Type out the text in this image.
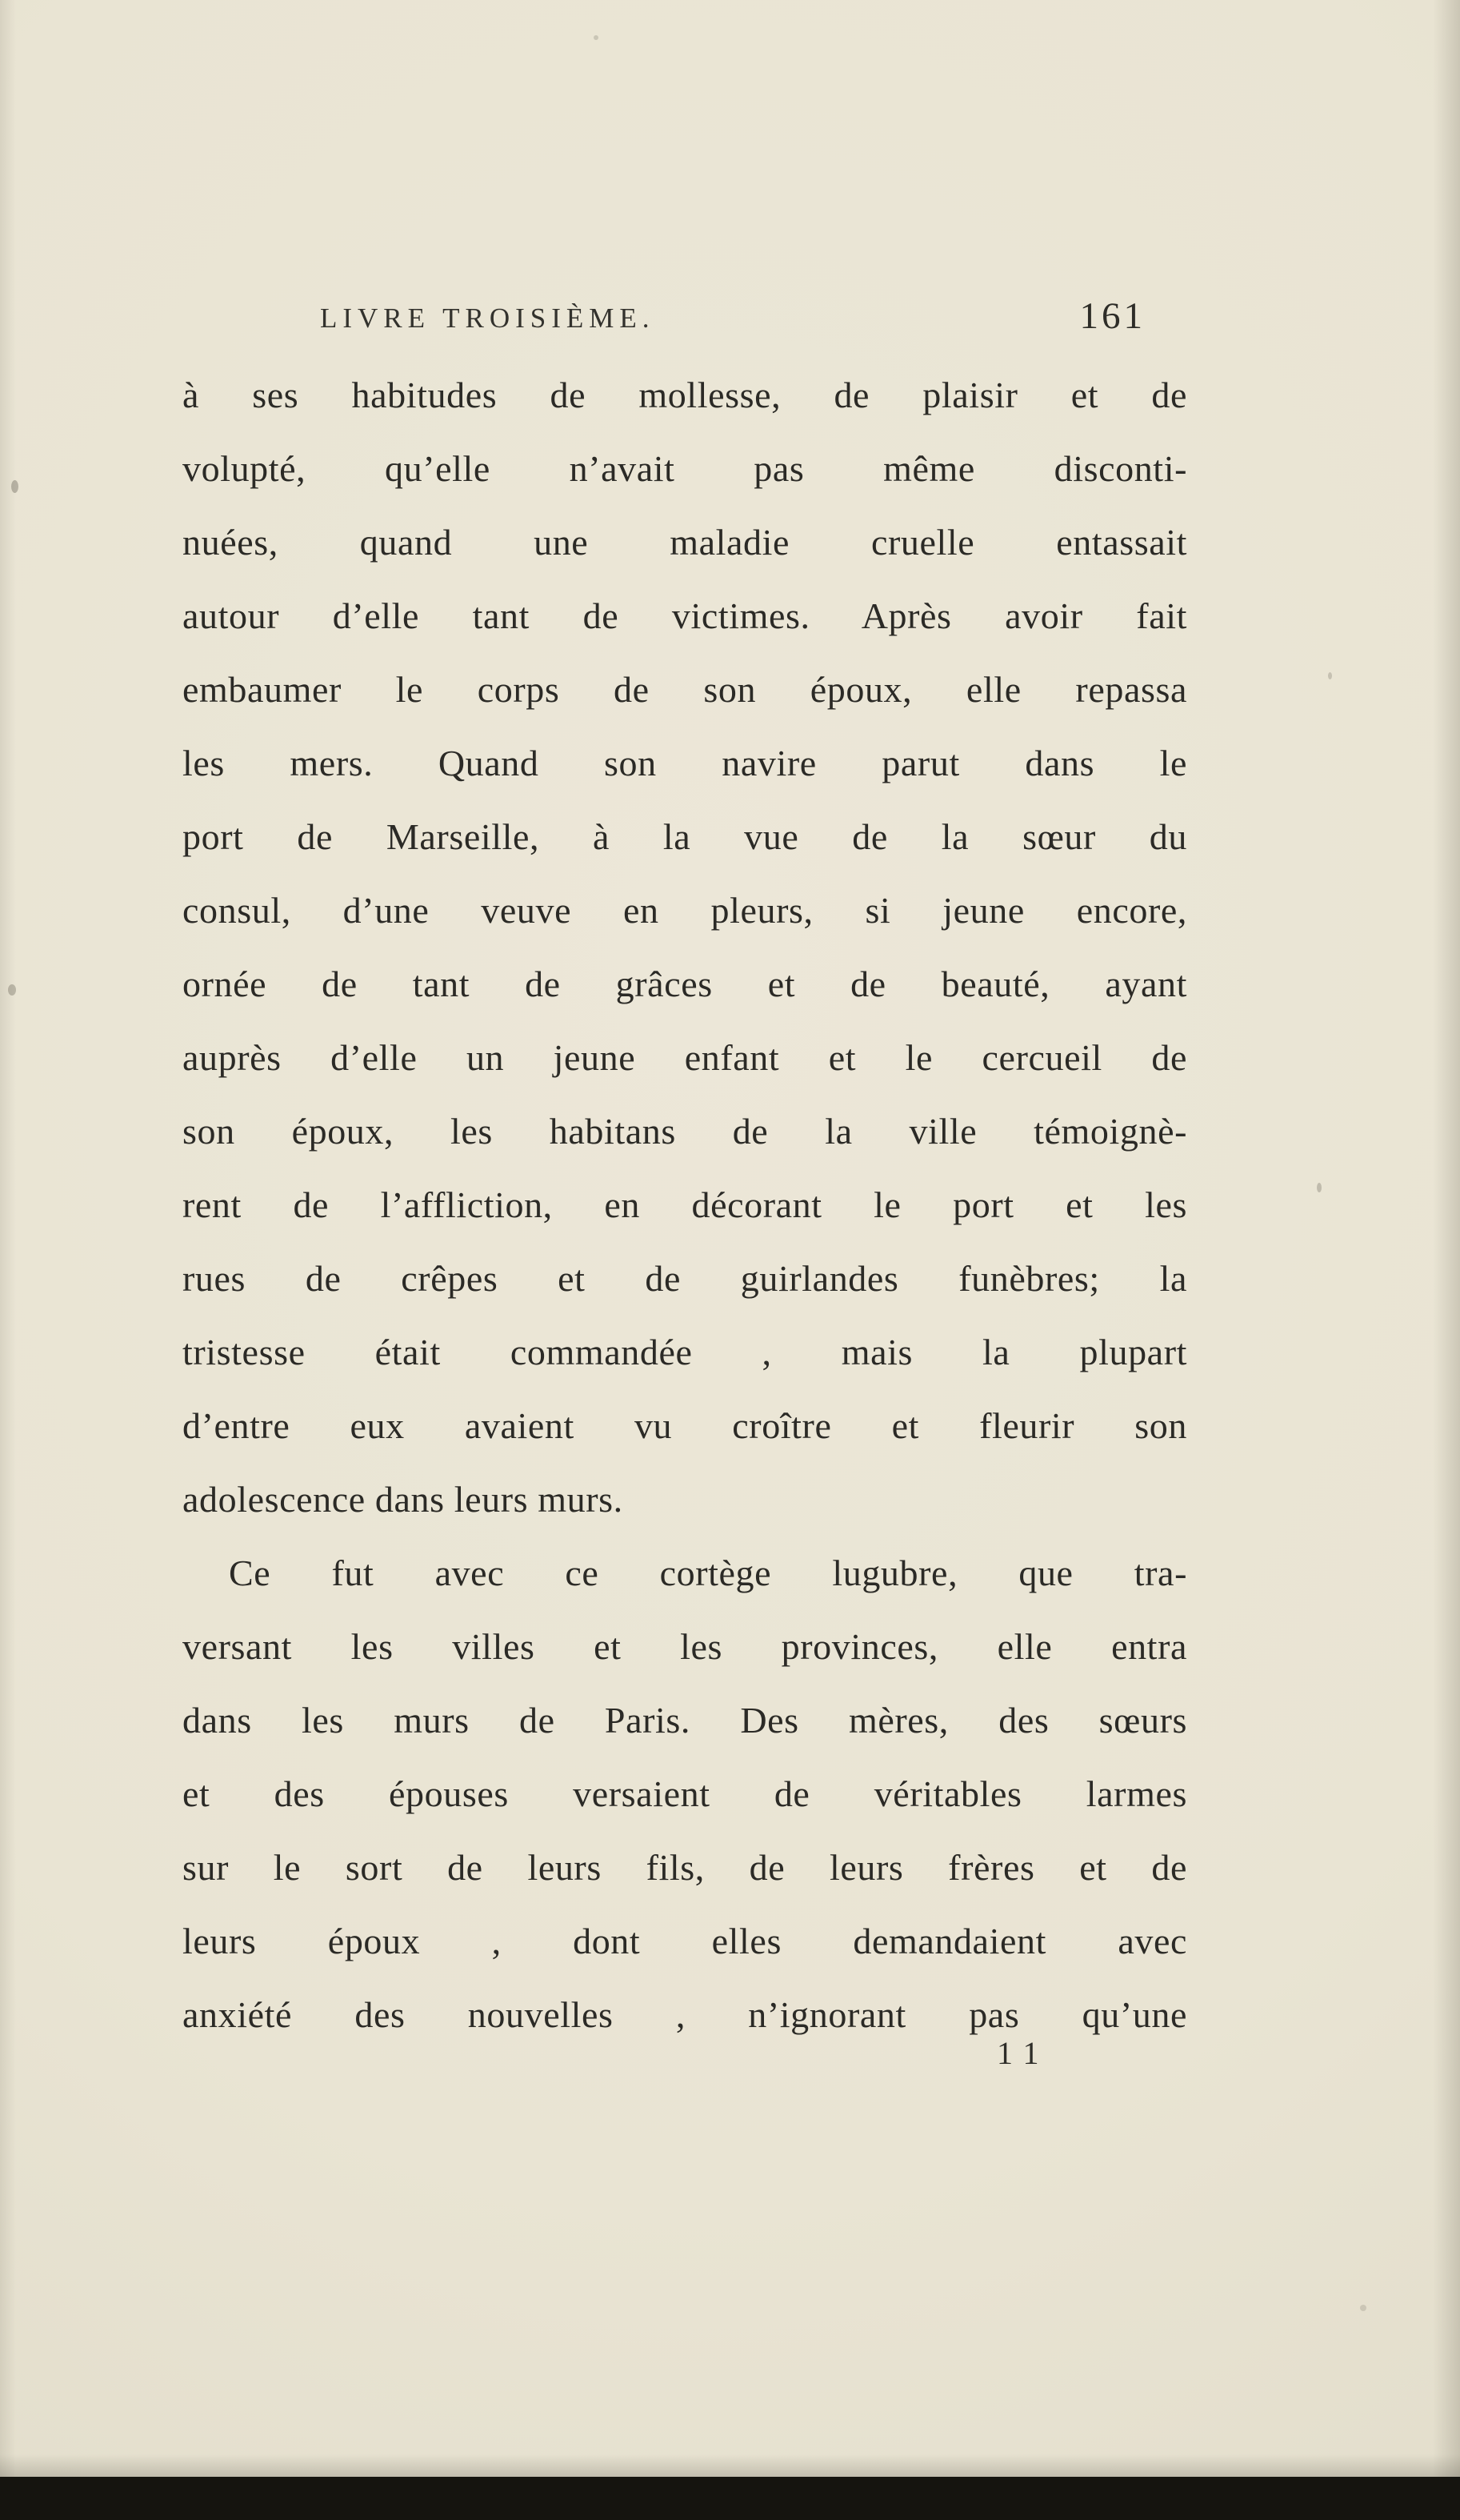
LIVRE TROISIÈME.	161
à ses habitudes de mollesse, de plaisir et de
volupté, qu’elle n’avait pas même disconti-
nuées, quand une maladie cruelle entassait
autour d’elle tant de victimes. Après avoir fait
embaumer le corps de son époux, elle repassa
les mers. Quand son navire parut dans le
port de Marseille, à la vue de la sœur du
consul, d’une veuve en pleurs, si jeune encore,
ornée de tant de grâces et de beauté, ayant
auprès d’elle un jeune enfant et le cercueil de
son époux, les habitans de la ville témoignè-
rent de l’affliction, en décorant le port et les
rues de crêpes et de guirlandes funèbres; la
tristesse était commandée , mais la plupart
d’entre eux avaient vu croître et fleurir son
adolescence dans leurs murs.
Ce fut avec ce cortège lugubre, que tra-
versant les villes et les provinces, elle entra
dans les murs de Paris. Des mères, des sœurs
et des épouses versaient de véritables larmes
sur le sort de leurs fils, de leurs frères et de
leurs époux , dont elles demandaient avec
anxiété des nouvelles , n’ignorant pas qu’une
11
